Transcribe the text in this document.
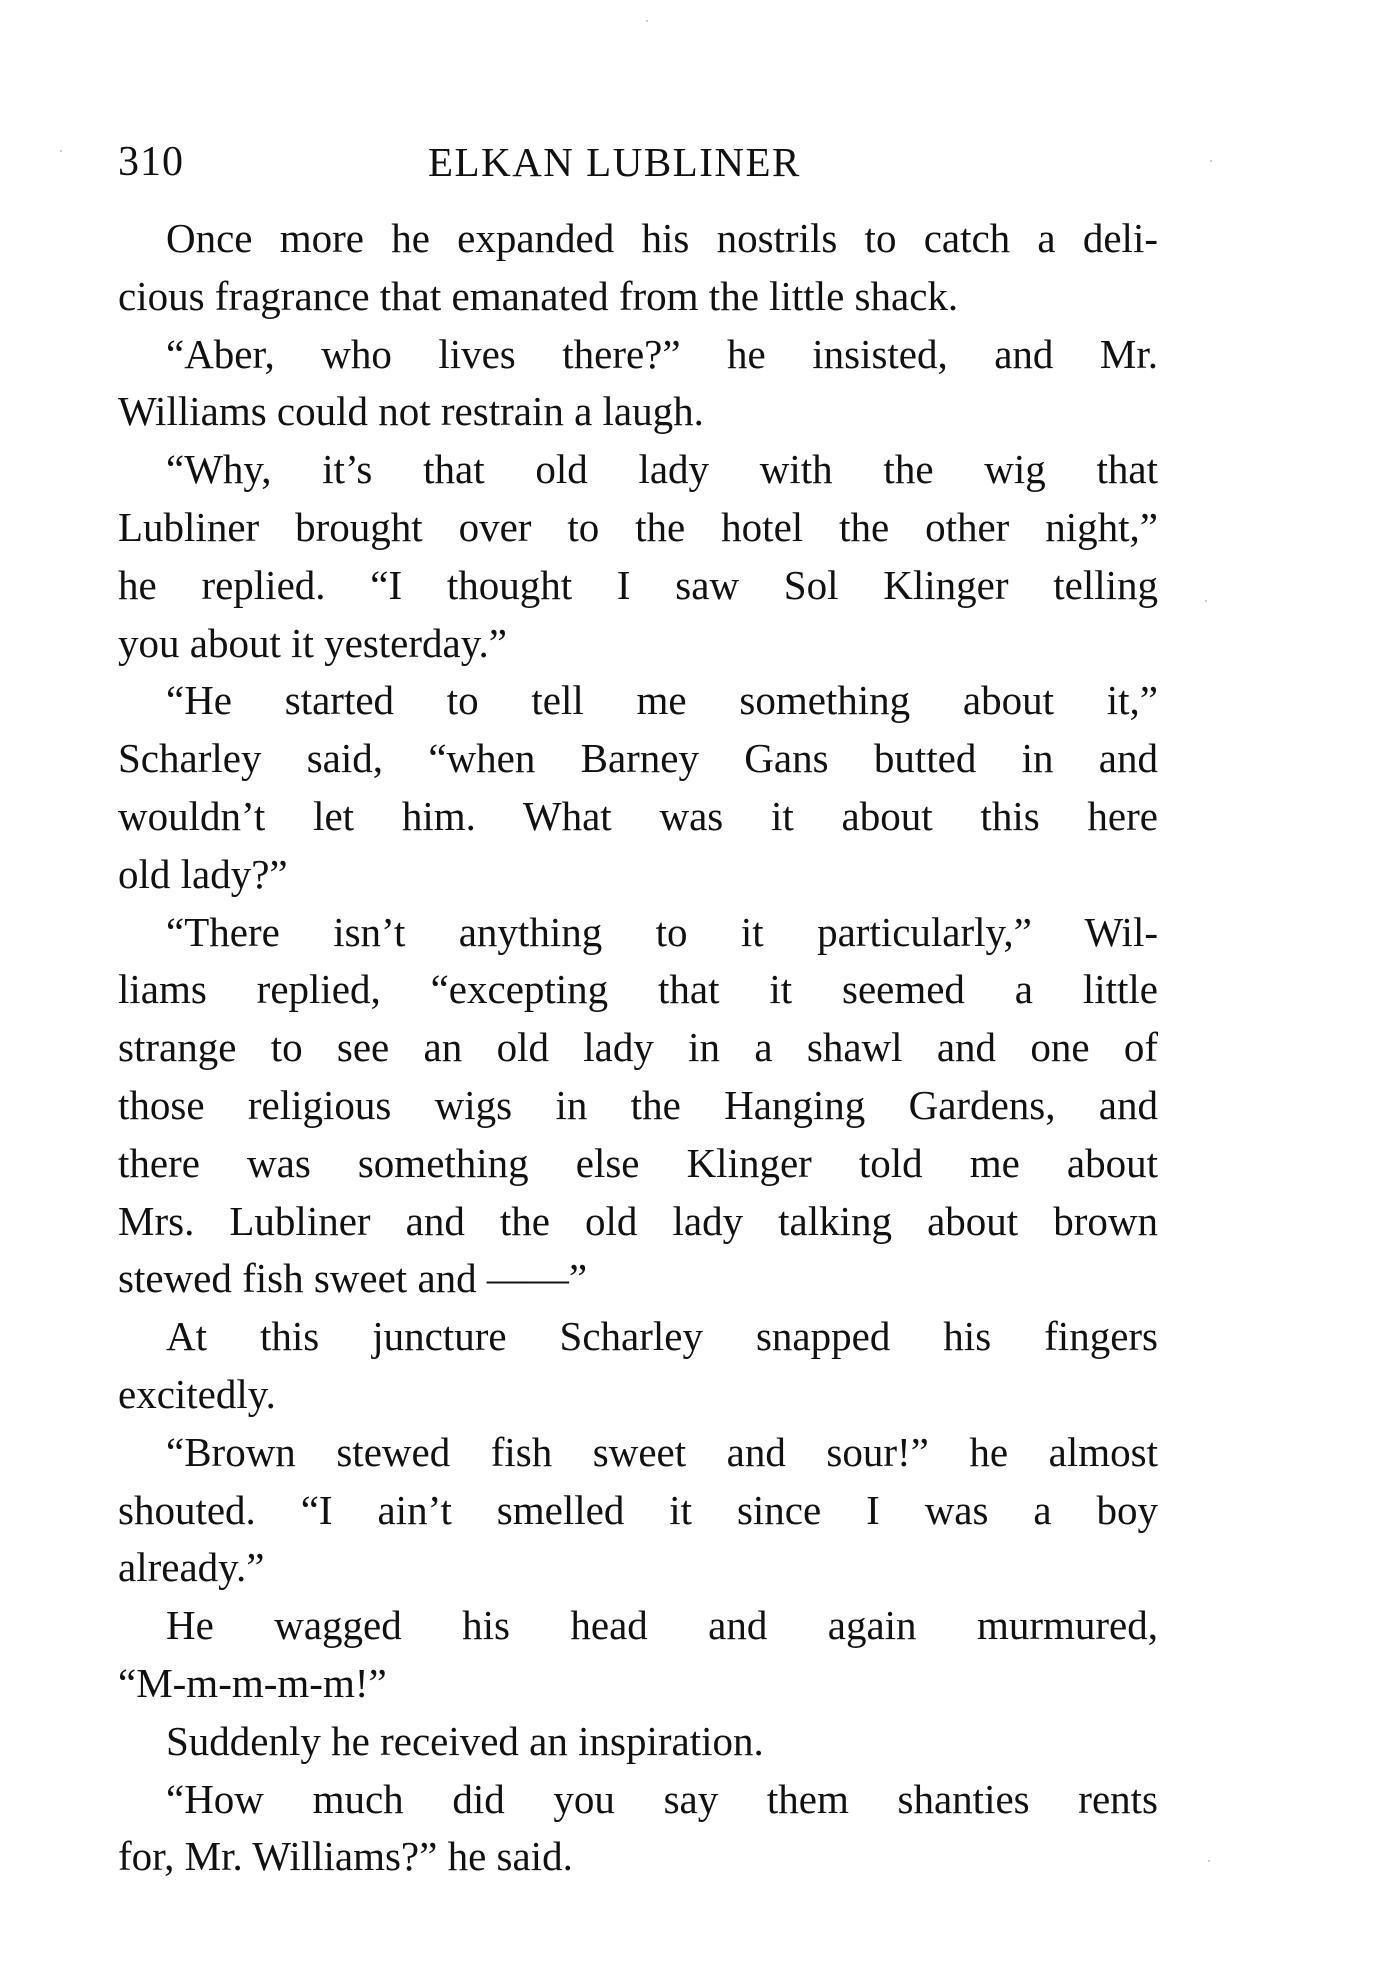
310	ELKAN LUBLINER
Once more he expanded his nostrils to catch a deli-
cious fragrance that emanated from the little shack.
“Aber, who lives there?” he insisted, and Mr.
Williams could not restrain a laugh.
“Why, it’s that old lady with the wig that
Lubliner brought over to the hotel the other night,”
he replied. “I thought I saw Sol Klinger telling
you about it yesterday.”
“He started to tell me something about it,”
Scharley said, “when Barney Gans butted in and
wouldn’t let him. What was it about this here
old lady?”
“There isn’t anything to it particularly,” Wil-
liams replied, “excepting that it seemed a little
strange to see an old lady in a shawl and one of
those religious wigs in the Hanging Gardens, and
there was something else Klinger told me about
Mrs. Lubliner and the old lady talking about brown
stewed fish sweet and ——”
At this juncture Scharley snapped his fingers
excitedly.
“Brown stewed fish sweet and sour!” he almost
shouted. “I ain’t smelled it since I was a boy
already.”
He wagged his head and again murmured,
“M-m-m-m-m!”
Suddenly he received an inspiration.
“How much did you say them shanties rents
for, Mr. Williams?” he said.
